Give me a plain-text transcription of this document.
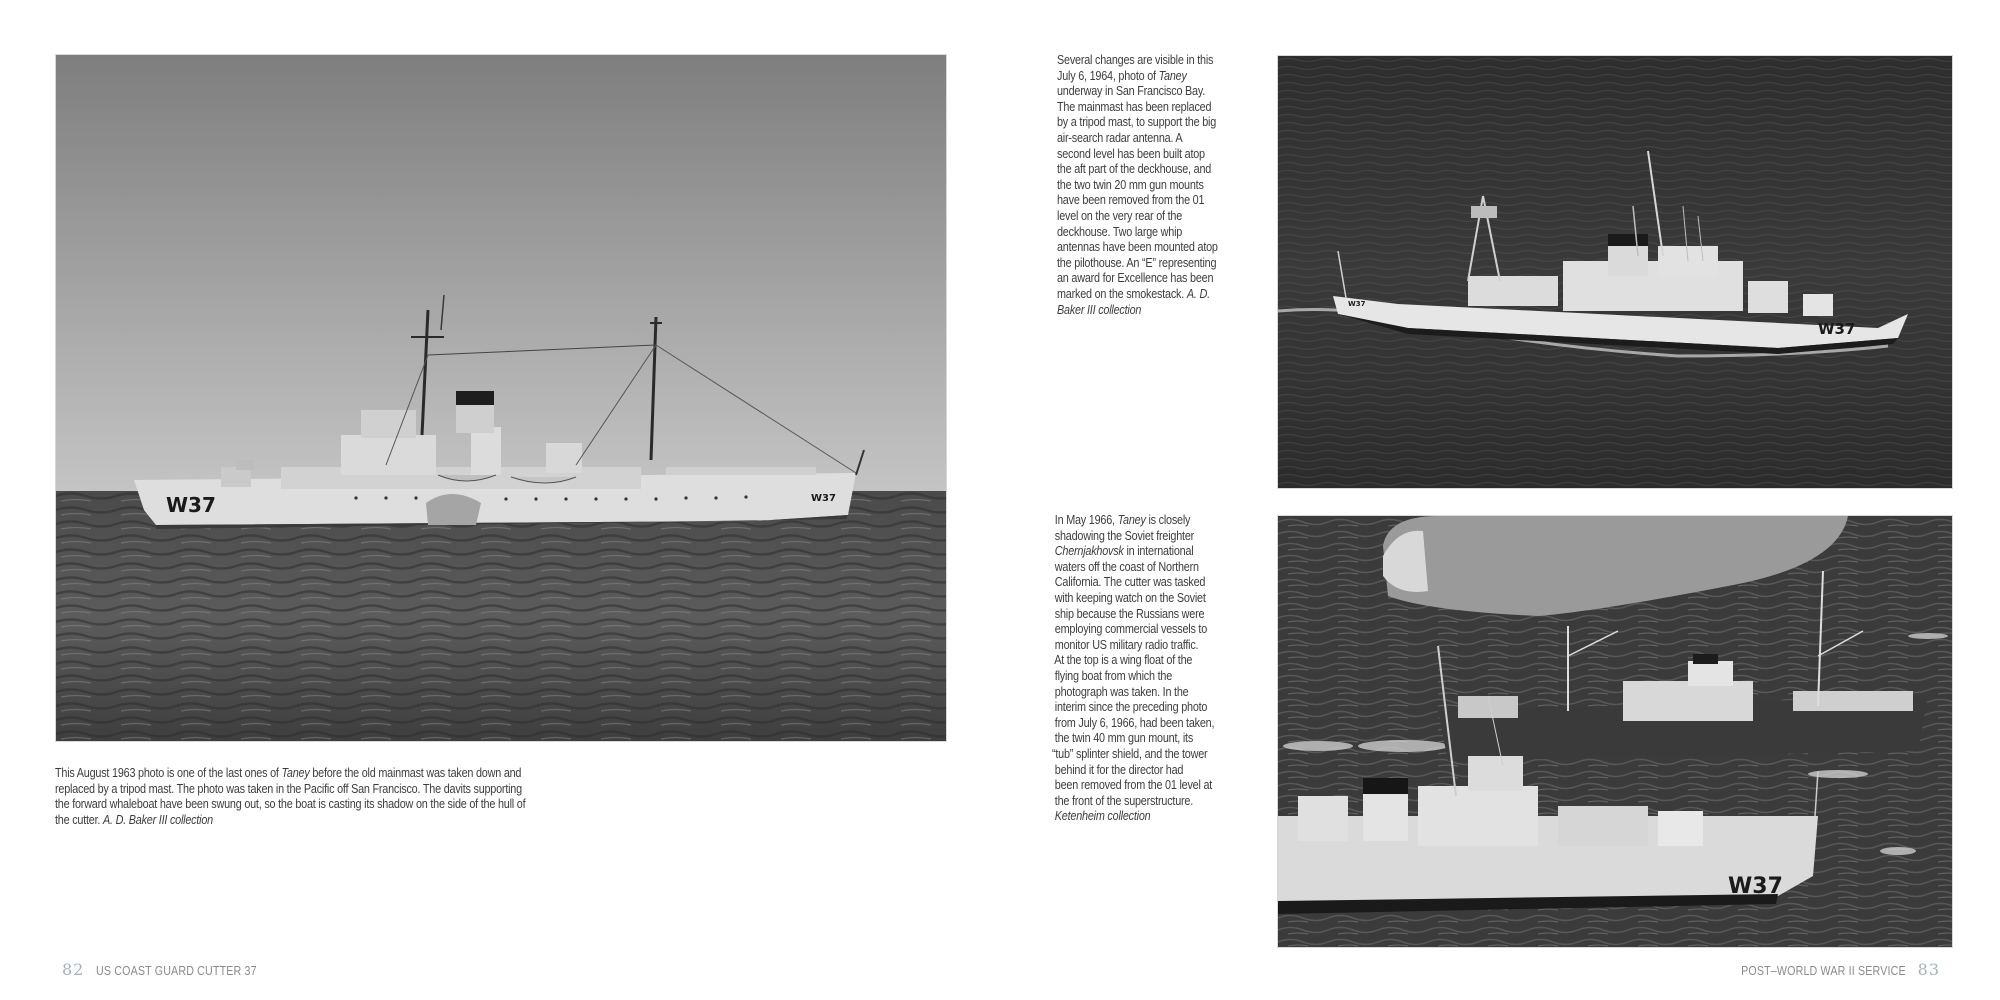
W37	W37
This August 1963 photo is one of the last ones of Taney before the old mainmast was taken down and
replaced by a tripod mast. The photo was taken in the Pacific off San Francisco. The davits supporting
the forward whaleboat have been swung out, so the boat is casting its shadow on the side of the hull of
the cutter. A. D. Baker III collection
W37
W37
Several changes are visible in this
July 6, 1964, photo of Taney
underway in San Francisco Bay.
The mainmast has been replaced
by a tripod mast, to support the big
air-search radar antenna. A
second level has been built atop
the aft part of the deckhouse, and
the two twin 20 mm gun mounts
have been removed from the 01
level on the very rear of the
deckhouse. Two large whip
antennas have been mounted atop
the pilothouse. An “E” representing
an award for Excellence has been
marked on the smokestack. A. D.
Baker III collection
W37
In May 1966, Taney is closely
shadowing the Soviet freighter
Chernjakhovsk in international
waters off the coast of Northern
California. The cutter was tasked
with keeping watch on the Soviet
ship because the Russians were
employing commercial vessels to
monitor US military radio traffic.
At the top is a wing float of the
flying boat from which the
photograph was taken. In the
interim since the preceding photo
from July 6, 1966, had been taken,
the twin 40 mm gun mount, its
“tub” splinter shield, and the tower
behind it for the director had
been removed from the 01 level at
the front of the superstructure.
Ketenheim collection
82 US COAST GUARD CUTTER 37	POST–WORLD WAR II SERVICE 83
